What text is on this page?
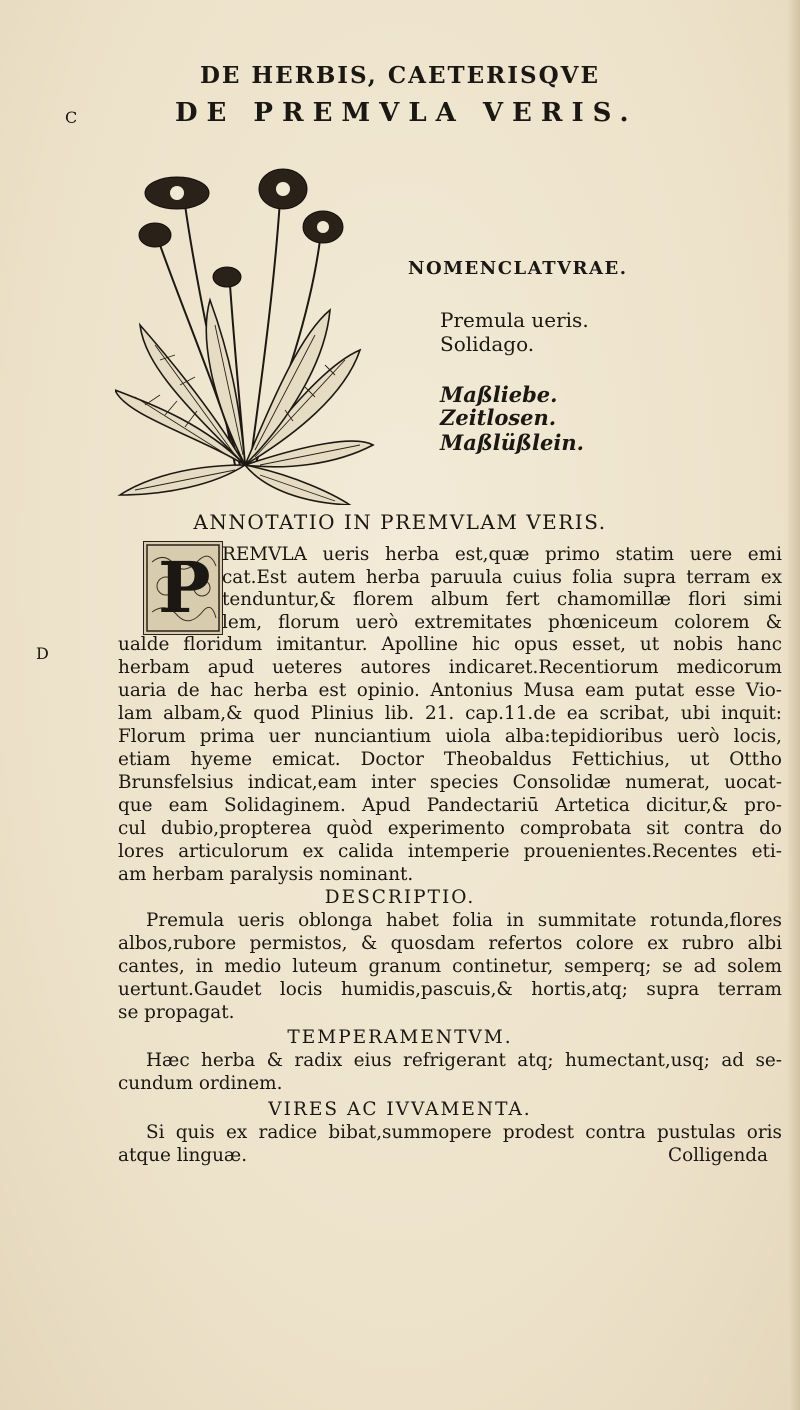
DE HERBIS, CAETERISQVE
C	DE PREMVLA VERIS.
NOMENCLATVRAE.
Premula ueris.
Solidago.
Maßliebe.
Zeitlosen.
Maßlüßlein.
ANNOTATIO IN PREMVLAM VERIS.
P REMVLA ueris herba est,quæ primo statim uere emi
cat.Est autem herba paruula cuius folia supra terram ex
tenduntur,& florem album fert chamomillæ flori simi
lem, florum uerò extremitates phœniceum colorem &
D	ualde floridum imitantur. Apolline hic opus esset, ut nobis hanc
herbam apud ueteres autores indicaret.Recentiorum medicorum
uaria de hac herba est opinio. Antonius Musa eam putat esse Vio-
lam albam,& quod Plinius lib. 21. cap.11.de ea scribat, ubi inquit:
Florum prima uer nunciantium uiola alba:tepidioribus uerò locis,
etiam hyeme emicat. Doctor Theobaldus Fettichius, ut Ottho
Brunsfelsius indicat,eam inter species Consolidæ numerat, uocat-
que eam Solidaginem. Apud Pandectariū Artetica dicitur,& pro-
cul dubio,propterea quòd experimento comprobata sit contra do
lores articulorum ex calida intemperie prouenientes.Recentes eti-
am herbam paralysis nominant.
DESCRIPTIO.
Premula ueris oblonga habet folia in summitate rotunda,flores
albos,rubore permistos, & quosdam refertos colore ex rubro albi
cantes, in medio luteum granum continetur, semperq; se ad solem
uertunt.Gaudet locis humidis,pascuis,& hortis,atq; supra terram
se propagat.
TEMPERAMENTVM.
Hæc herba & radix eius refrigerant atq; humectant,usq; ad se-
cundum ordinem.
VIRES AC IVVAMENTA.
Si quis ex radice bibat,summopere prodest contra pustulas oris
atque linguæ.	Colligenda
